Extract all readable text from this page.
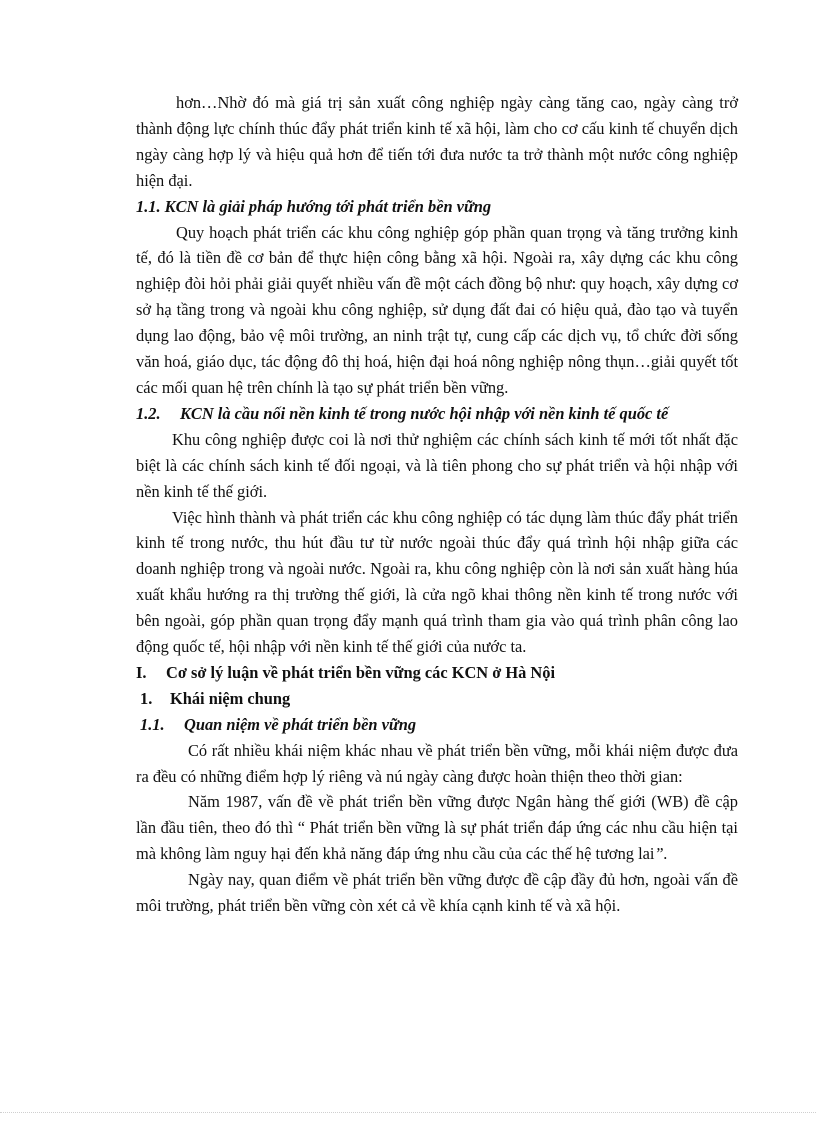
hơn…Nhờ đó mà giá trị sản xuất công nghiệp ngày càng tăng cao, ngày càng trở thành động lực chính thúc đẩy phát triển kinh tế xã hội, làm cho cơ cấu kinh tế chuyển dịch ngày càng hợp lý và hiệu quả hơn để tiến tới đưa nước ta trở thành một nước công nghiệp hiện đại.

1.1. KCN là giải pháp hướng tới phát triển bền vững

Quy hoạch phát triển các khu công nghiệp góp phần quan trọng và tăng trưởng kinh tế, đó là tiền đề cơ bản để thực hiện công bằng xã hội. Ngoài ra, xây dựng các khu công nghiệp đòi hỏi phải giải quyết nhiều vấn đề một cách đồng bộ như: quy hoạch, xây dựng cơ sở hạ tầng trong và ngoài khu công nghiệp, sử dụng đất đai có hiệu quả, đào tạo và tuyển dụng lao động, bảo vệ môi trường, an ninh trật tự, cung cấp các dịch vụ, tổ chức đời sống văn hoá, giáo dục, tác động đô thị hoá, hiện đại hoá nông nghiệp nông thụn…giải quyết tốt các mối quan hệ trên chính là tạo sự phát triển bền vững.

1.2. KCN là cầu nối nền kinh tế trong nước hội nhập với nền kinh tế quốc tế

Khu công nghiệp được coi là nơi thử nghiệm các chính sách kinh tế mới tốt nhất đặc biệt là các chính sách kinh tế đối ngoại, và là tiên phong cho sự phát triển và hội nhập với nền kinh tế thế giới.

Việc hình thành và phát triển các khu công nghiệp có tác dụng làm thúc đẩy phát triển kinh tế trong nước, thu hút đầu tư từ nước ngoài thúc đẩy quá trình hội nhập giữa các doanh nghiệp trong và ngoài nước. Ngoài ra, khu công nghiệp còn là nơi sản xuất hàng húa xuất khẩu hướng ra thị trường thế giới, là cửa ngõ khai thông nền kinh tế trong nước với bên ngoài, góp phần quan trọng đẩy mạnh quá trình tham gia vào quá trình phân công lao động quốc tế, hội nhập với nền kinh tế thế giới của nước ta.

I. Cơ sở lý luận về phát triển bền vững các KCN ở Hà Nội

1. Khái niệm chung

1.1. Quan niệm về phát triển bền vững

Có rất nhiều khái niệm khác nhau về phát triển bền vững, mỗi khái niệm được đưa ra đều có những điểm hợp lý riêng và nú ngày càng được hoàn thiện theo thời gian:

Năm 1987, vấn đề về phát triển bền vững được Ngân hàng thế giới (WB) đề cập lần đầu tiên, theo đó thì “ Phát triển bền vững là sự phát triển đáp ứng các nhu cầu hiện tại mà không làm nguy hại đến khả năng đáp ứng nhu cầu của các thế hệ tương lai”.

Ngày nay, quan điểm về phát triển bền vững được đề cập đầy đủ hơn, ngoài vấn đề môi trường, phát triển bền vững còn xét cả về khía cạnh kinh tế và xã hội.
